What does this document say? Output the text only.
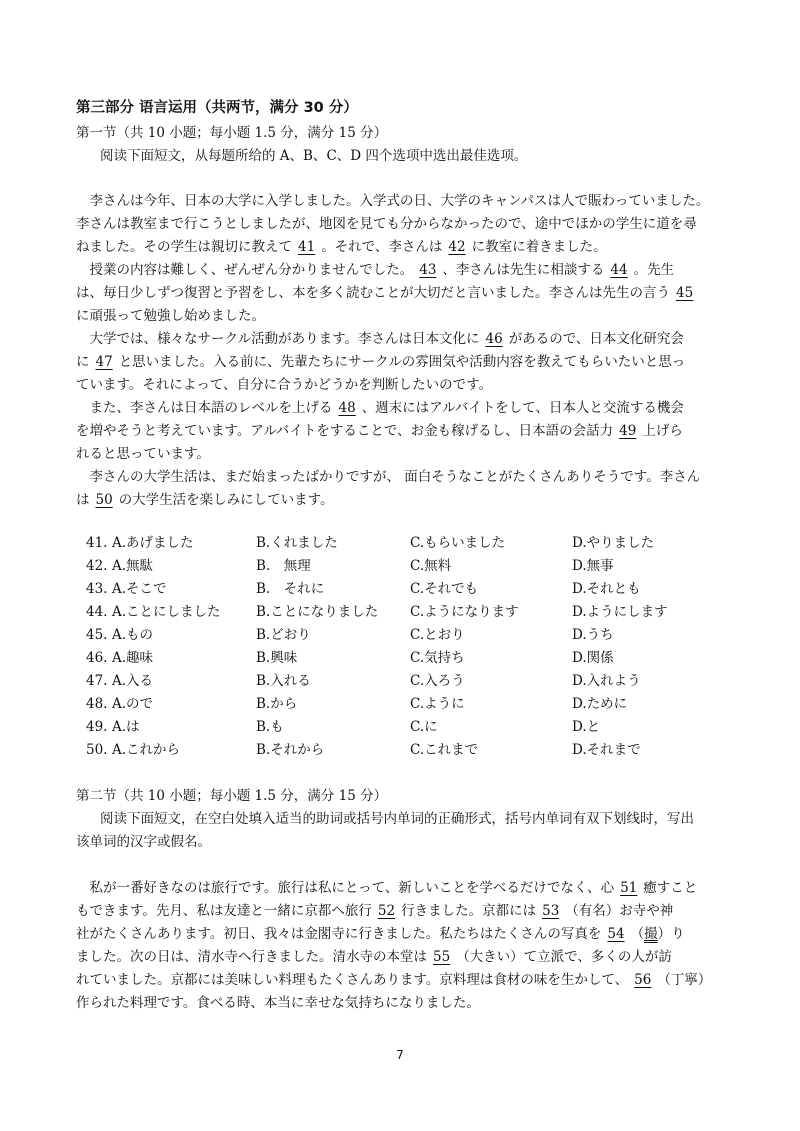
第三部分 语言运用（共两节，满分 30 分）
第一节（共 10 小题；每小题 1.5 分，满分 15 分）
阅读下面短文，从每题所给的 A、B、C、D 四个选项中选出最佳选项。
李さんは今年、日本の大学に入学しました。入学式の日、大学のキャンパスは人で賑わっていました。
李さんは教室まで行こうとしましたが、地図を見ても分からなかったので、途中でほかの学生に道を尋
ねました。その学生は親切に教えて 41 。それで、李さんは 42 に教室に着きました。
授業の内容は難しく、ぜんぜん分かりませんでした。 43 、李さんは先生に相談する 44 。先生
は、毎日少しずつ復習と予習をし、本を多く読むことが大切だと言いました。李さんは先生の言う 45
に頑張って勉強し始めました。
大学では、様々なサークル活動があります。李さんは日本文化に 46 があるので、日本文化研究会
に 47 と思いました。入る前に、先輩たちにサークルの雰囲気や活動内容を教えてもらいたいと思っ
ています。それによって、自分に合うかどうかを判断したいのです。
また、李さんは日本語のレベルを上げる 48 、週末にはアルバイトをして、日本人と交流する機会
を増やそうと考えています。アルバイトをすることで、お金も稼げるし、日本語の会話力 49 上げら
れると思っています。
李さんの大学生活は、まだ始まったばかりですが、 面白そうなことがたくさんありそうです。李さん
は 50 の大学生活を楽しみにしています。
41. A.あげました	B.くれました	C.もらいました	D.やりました
42. A.無駄	B.　無理	C.無料	D.無事
43. A.そこで	B.　それに	C.それでも	D.それとも
44. A.ことにしました	B.ことになりました C.ようになります	D.ようにします
45. A.もの	B.どおり	C.とおり	D.うち
46. A.趣味	B.興味	C.気持ち	D.関係
47. A.入る	B.入れる	C.入ろう	D.入れよう
48. A.ので	B.から	C.ように	D.ために
49. A.は	B.も	C.に	D.と
50. A.これから	B.それから	C.これまで	D.それまで
第二节（共 10 小题；每小题 1.5 分，满分 15 分）
阅读下面短文，在空白处填入适当的助词或括号内单词的正确形式，括号内单词有双下划线时，写出
该单词的汉字或假名。
私が一番好きなのは旅行です。旅行は私にとって、新しいことを学べるだけでなく、心 51 癒すこと
もできます。先月、私は友達と一緒に京都へ旅行 52 行きました。京都には 53 （有名）お寺や神
社がたくさんあります。初日、我々は金閣寺に行きました。私たちはたくさんの写真を 54 （撮）り
ました。次の日は、清水寺へ行きました。清水寺の本堂は 55 （大きい）て立派で、多くの人が訪
れていました。京都には美味しい料理もたくさんあります。京料理は食材の味を生かして、 56 （丁寧）
作られた料理です。食べる時、本当に幸せな気持ちになりました。
7
